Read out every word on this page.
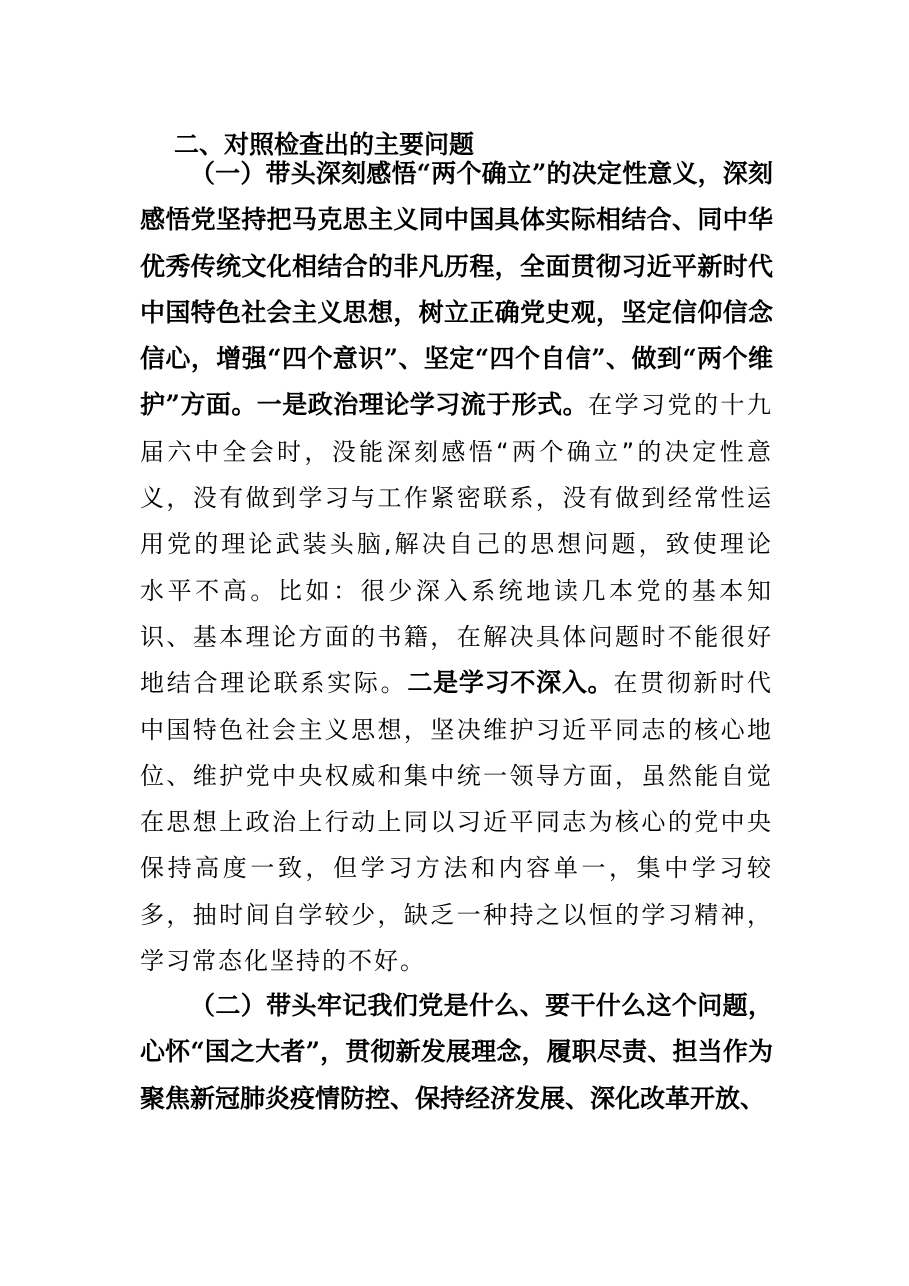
二、对照检查出的主要问题

（一）带头深刻感悟“两个确立”的决定性意义，深刻感悟党坚持把马克思主义同中国具体实际相结合、同中华优秀传统文化相结合的非凡历程，全面贯彻习近平新时代中国特色社会主义思想，树立正确党史观，坚定信仰信念信心，增强“四个意识”、坚定“四个自信”、做到“两个维护”方面。一是政治理论学习流于形式。在学习党的十九届六中全会时，没能深刻感悟“两个确立”的决定性意义，没有做到学习与工作紧密联系，没有做到经常性运用党的理论武装头脑,解决自己的思想问题，致使理论水平不高。比如：很少深入系统地读几本党的基本知识、基本理论方面的书籍，在解决具体问题时不能很好地结合理论联系实际。二是学习不深入。在贯彻新时代中国特色社会主义思想，坚决维护习近平同志的核心地位、维护党中央权威和集中统一领导方面，虽然能自觉在思想上政治上行动上同以习近平同志为核心的党中央保持高度一致，但学习方法和内容单一，集中学习较多，抽时间自学较少，缺乏一种持之以恒的学习精神，学习常态化坚持的不好。

（二）带头牢记我们党是什么、要干什么这个问题，心怀“国之大者”，贯彻新发展理念，履职尽责、担当作为聚焦新冠肺炎疫情防控、保持经济发展、深化改革开放、
